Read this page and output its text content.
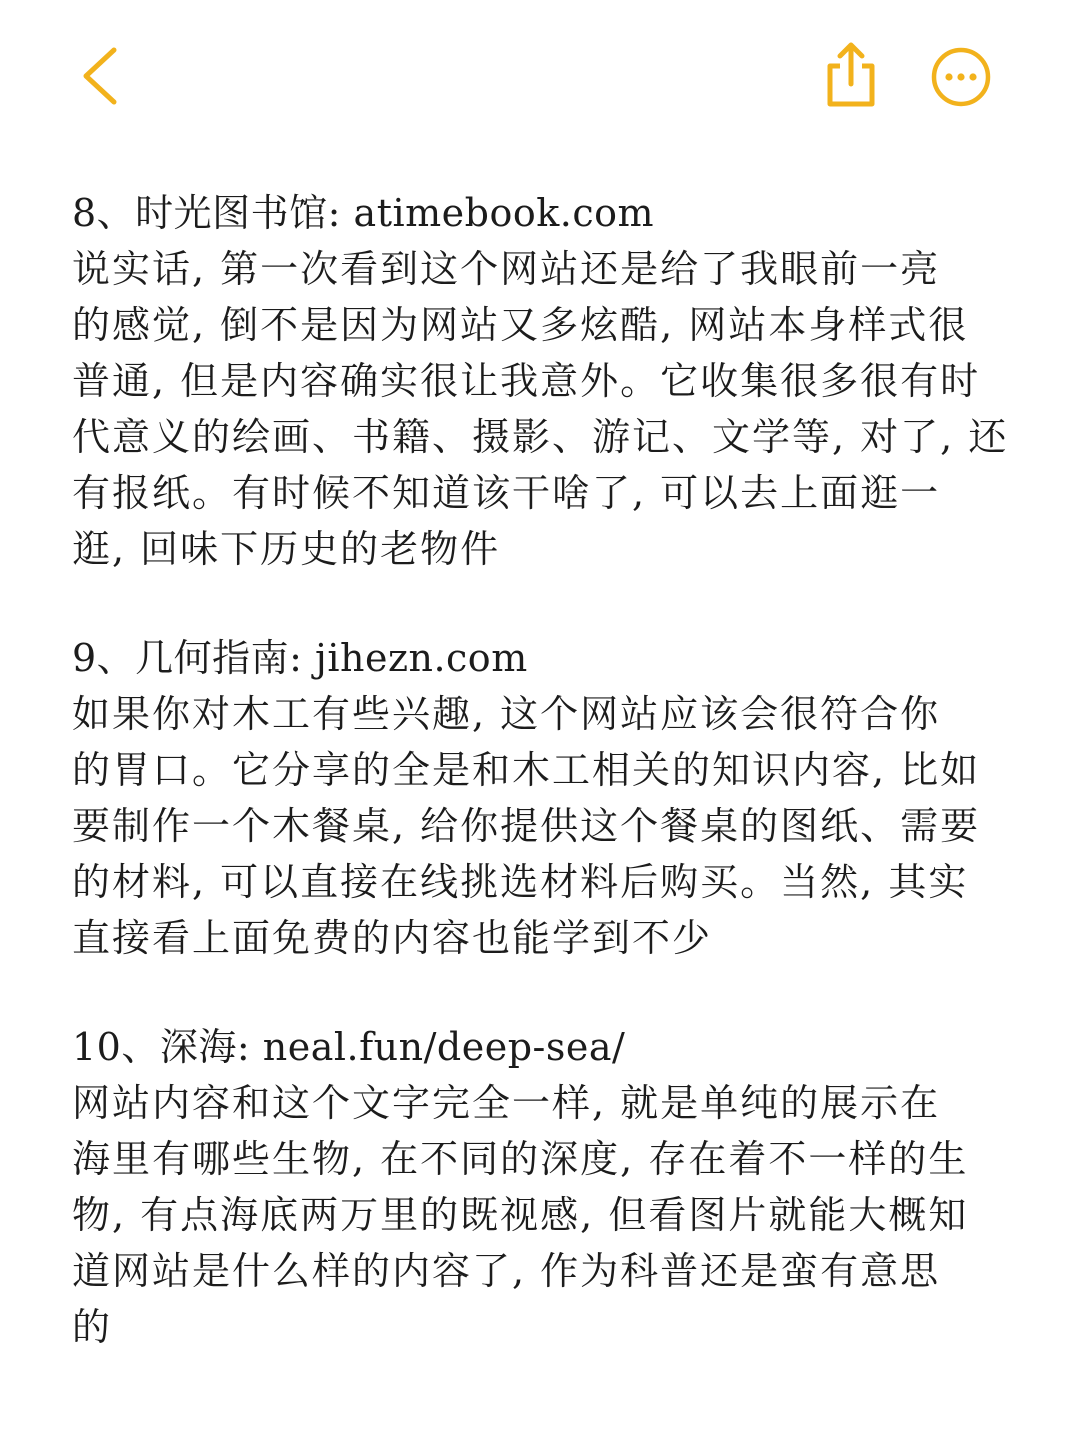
8、时光图书馆: atimebook.com
说实话, 第一次看到这个网站还是给了我眼前一亮
的感觉, 倒不是因为网站又多炫酷, 网站本身样式很
普通, 但是内容确实很让我意外。它收集很多很有时
代意义的绘画、书籍、摄影、游记、文学等, 对了, 还
有报纸。有时候不知道该干啥了, 可以去上面逛一
逛, 回味下历史的老物件
9、几何指南: jihezn.com
如果你对木工有些兴趣, 这个网站应该会很符合你
的胃口。它分享的全是和木工相关的知识内容, 比如
要制作一个木餐桌, 给你提供这个餐桌的图纸、需要
的材料, 可以直接在线挑选材料后购买。当然, 其实
直接看上面免费的内容也能学到不少
10、深海: neal.fun/deep-sea/
网站内容和这个文字完全一样, 就是单纯的展示在
海里有哪些生物, 在不同的深度, 存在着不一样的生
物, 有点海底两万里的既视感, 但看图片就能大概知
道网站是什么样的内容了, 作为科普还是蛮有意思
的
